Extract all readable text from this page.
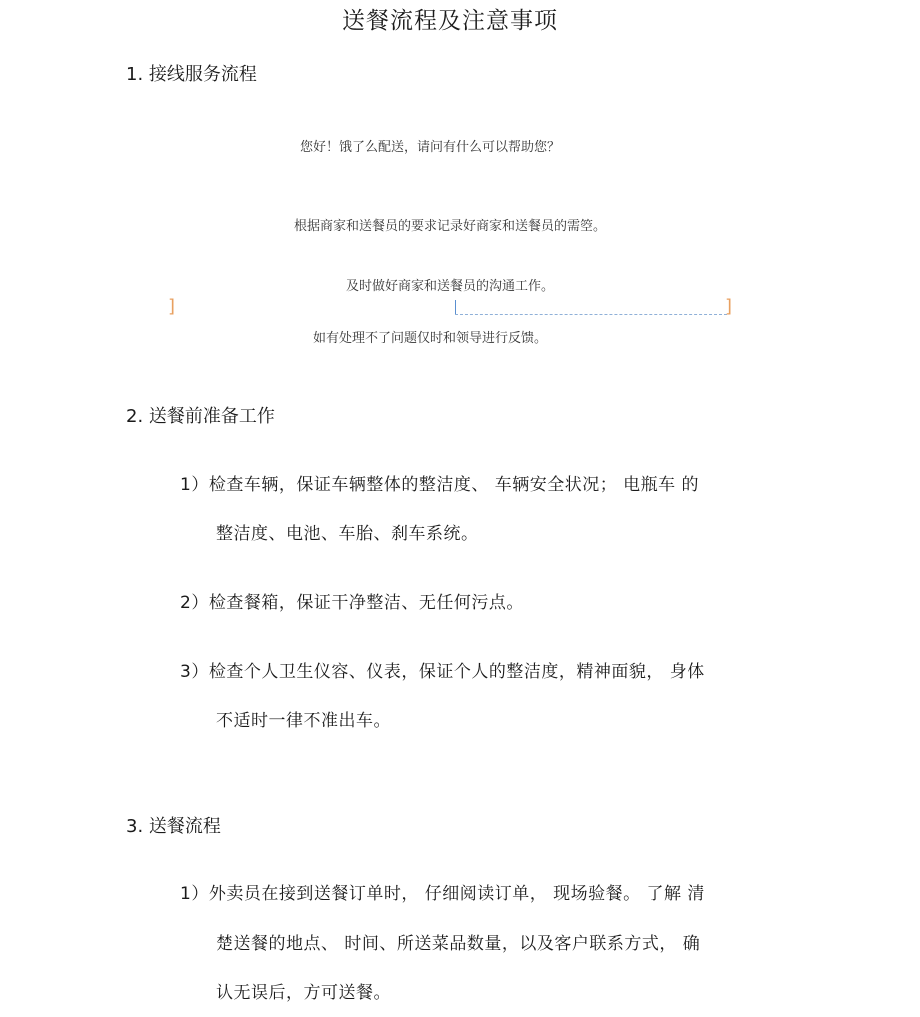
送餐流程及注意事项
1. 接线服务流程
您好！饿了么配送，请问有什么可以帮助您？
根据商家和送餐员的要求记录好商家和送餐员的需箜。
及时做好商家和送餐员的沟通工作。
如有处理不了问题仅时和领导进行反馈。
]	]
2. 送餐前准备工作
1）检查车辆，保证车辆整体的整洁度、 车辆安全状况； 电瓶车 的
整洁度、电池、车胎、刹车系统。
2）检查餐箱，保证干净整洁、无任何污点。
3）检查个人卫生仪容、仪表，保证个人的整洁度，精神面貌， 身体
不适时一律不准出车。
3. 送餐流程
1）外卖员在接到送餐订单时， 仔细阅读订单， 现场验餐。 了解 清
楚送餐的地点、 时间、所送菜品数量，以及客户联系方式， 确
认无误后，方可送餐。
